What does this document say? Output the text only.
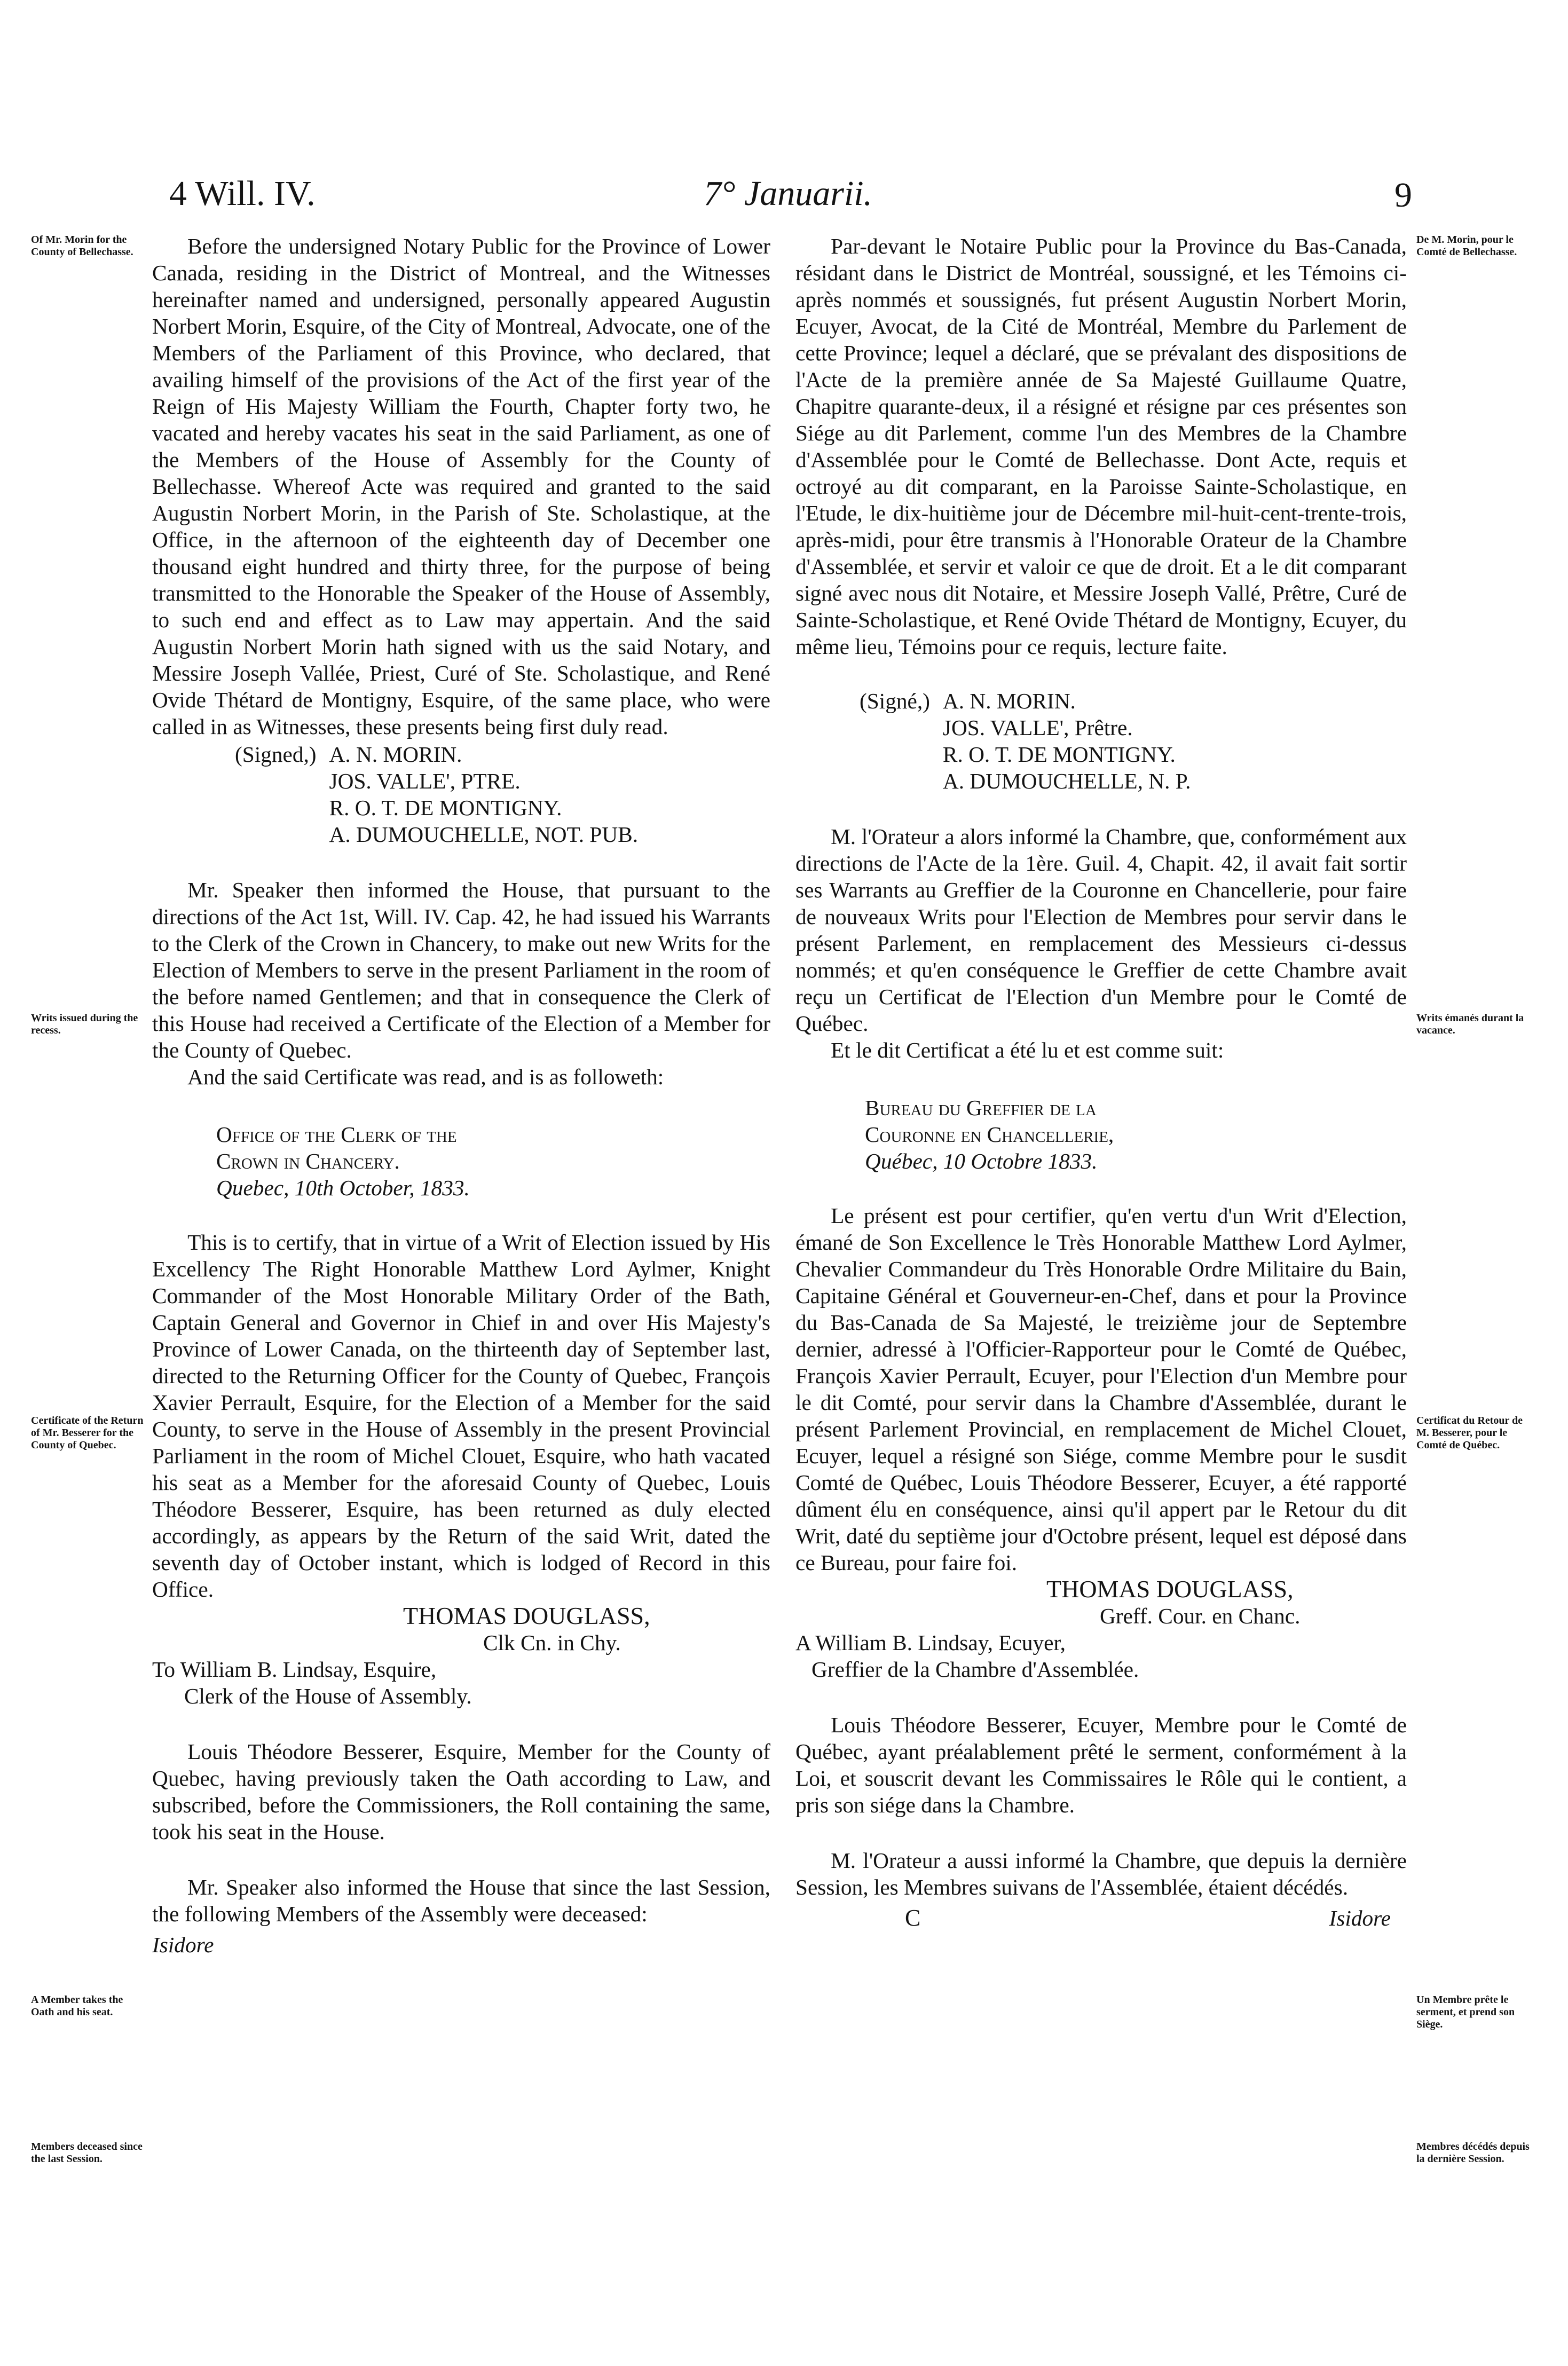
4 Will. IV.	7° Januarii.	9
Of Mr. Morin for the County of Bellechasse.
Writs issued during the recess.
Certificate of the Return of Mr. Besserer for the County of Quebec.
A Member takes the Oath and his seat.
Members deceased since the last Session.
De M. Morin, pour le Comté de Bellechasse.
Writs émanés durant la vacance.
Certificat du Retour de M. Besserer, pour le Comté de Québec.
Un Membre prête le serment, et prend son Siège.
Membres décédés depuis la dernière Session.

Before the undersigned Notary Public for the Province of Lower Canada, residing in the District of Montreal, and the Witnesses hereinafter named and undersigned, personally appeared Augustin Norbert Morin, Esquire, of the City of Montreal, Advocate, one of the Members of the Parliament of this Province, who declared, that availing himself of the provisions of the Act of the first year of the Reign of His Majesty William the Fourth, Chapter forty two, he vacated and hereby vacates his seat in the said Parliament, as one of the Members of the House of Assembly for the County of Bellechasse. Whereof Acte was required and granted to the said Augustin Norbert Morin, in the Parish of Ste. Scholastique, at the Office, in the afternoon of the eighteenth day of December one thousand eight hundred and thirty three, for the purpose of being transmitted to the Honorable the Speaker of the House of Assembly, to such end and effect as to Law may appertain. And the said Augustin Norbert Morin hath signed with us the said Notary, and Messire Joseph Vallée, Priest, Curé of Ste. Scholastique, and René Ovide Thétard de Montigny, Esquire, of the same place, who were called in as Witnesses, these presents being first duly read.

(Signed,) A. N. MORIN.
JOS. VALLE', PTRE.
R. O. T. DE MONTIGNY.
A. DUMOUCHELLE, NOT. PUB.

Mr. Speaker then informed the House, that pursuant to the directions of the Act 1st, Will. IV. Cap. 42, he had issued his Warrants to the Clerk of the Crown in Chancery, to make out new Writs for the Election of Members to serve in the present Parliament in the room of the before named Gentlemen; and that in consequence the Clerk of this House had received a Certificate of the Election of a Member for the County of Quebec.

And the said Certificate was read, and is as followeth:

Office of the Clerk of the
Crown in Chancery.
Quebec, 10th October, 1833.

This is to certify, that in virtue of a Writ of Election issued by His Excellency The Right Honorable Matthew Lord Aylmer, Knight Commander of the Most Honorable Military Order of the Bath, Captain General and Governor in Chief in and over His Majesty's Province of Lower Canada, on the thirteenth day of September last, directed to the Returning Officer for the County of Quebec, François Xavier Perrault, Esquire, for the Election of a Member for the said County, to serve in the House of Assembly in the present Provincial Parliament in the room of Michel Clouet, Esquire, who hath vacated his seat as a Member for the aforesaid County of Quebec, Louis Théodore Besserer, Esquire, has been returned as duly elected accordingly, as appears by the Return of the said Writ, dated the seventh day of October instant, which is lodged of Record in this Office.

THOMAS DOUGLASS,
Clk Cn. in Chy.
To William B. Lindsay, Esquire,
Clerk of the House of Assembly.

Louis Théodore Besserer, Esquire, Member for the County of Quebec, having previously taken the Oath according to Law, and subscribed, before the Commissioners, the Roll containing the same, took his seat in the House.

Mr. Speaker also informed the House that since the last Session, the following Members of the Assembly were deceased:

Isidore

Par-devant le Notaire Public pour la Province du Bas-Canada, résidant dans le District de Montréal, soussigné, et les Témoins ci-après nommés et soussignés, fut présent Augustin Norbert Morin, Ecuyer, Avocat, de la Cité de Montréal, Membre du Parlement de cette Province; lequel a déclaré, que se prévalant des dispositions de l'Acte de la première année de Sa Majesté Guillaume Quatre, Chapitre quarante-deux, il a résigné et résigne par ces présentes son Siége au dit Parlement, comme l'un des Membres de la Chambre d'Assemblée pour le Comté de Bellechasse. Dont Acte, requis et octroyé au dit comparant, en la Paroisse Sainte-Scholastique, en l'Etude, le dix-huitième jour de Décembre mil-huit-cent-trente-trois, après-midi, pour être transmis à l'Honorable Orateur de la Chambre d'Assemblée, et servir et valoir ce que de droit. Et a le dit comparant signé avec nous dit Notaire, et Messire Joseph Vallé, Prêtre, Curé de Sainte-Scholastique, et René Ovide Thétard de Montigny, Ecuyer, du même lieu, Témoins pour ce requis, lecture faite.

(Signé,) A. N. MORIN.
JOS. VALLE', Prêtre.
R. O. T. DE MONTIGNY.
A. DUMOUCHELLE, N. P.

M. l'Orateur a alors informé la Chambre, que, conformément aux directions de l'Acte de la 1ère. Guil. 4, Chapit. 42, il avait fait sortir ses Warrants au Greffier de la Couronne en Chancellerie, pour faire de nouveaux Writs pour l'Election de Membres pour servir dans le présent Parlement, en remplacement des Messieurs ci-dessus nommés; et qu'en conséquence le Greffier de cette Chambre avait reçu un Certificat de l'Election d'un Membre pour le Comté de Québec.

Et le dit Certificat a été lu et est comme suit:

Bureau du Greffier de la
Couronne en Chancellerie,
Québec, 10 Octobre 1833.

Le présent est pour certifier, qu'en vertu d'un Writ d'Election, émané de Son Excellence le Très Honorable Matthew Lord Aylmer, Chevalier Commandeur du Très Honorable Ordre Militaire du Bain, Capitaine Général et Gouverneur-en-Chef, dans et pour la Province du Bas-Canada de Sa Majesté, le treizième jour de Septembre dernier, adressé à l'Officier-Rapporteur pour le Comté de Québec, François Xavier Perrault, Ecuyer, pour l'Election d'un Membre pour le dit Comté, pour servir dans la Chambre d'Assemblée, durant le présent Parlement Provincial, en remplacement de Michel Clouet, Ecuyer, lequel a résigné son Siége, comme Membre pour le susdit Comté de Québec, Louis Théodore Besserer, Ecuyer, a été rapporté dûment élu en conséquence, ainsi qu'il appert par le Retour du dit Writ, daté du septième jour d'Octobre présent, lequel est déposé dans ce Bureau, pour faire foi.

THOMAS DOUGLASS,
Greff. Cour. en Chanc.
A William B. Lindsay, Ecuyer,
Greffier de la Chambre d'Assemblée.

Louis Théodore Besserer, Ecuyer, Membre pour le Comté de Québec, ayant préalablement prêté le serment, conformément à la Loi, et souscrit devant les Commissaires le Rôle qui le contient, a pris son siége dans la Chambre.

M. l'Orateur a aussi informé la Chambre, que depuis la dernière Session, les Membres suivans de l'Assemblée, étaient décédés.

C	Isidore
